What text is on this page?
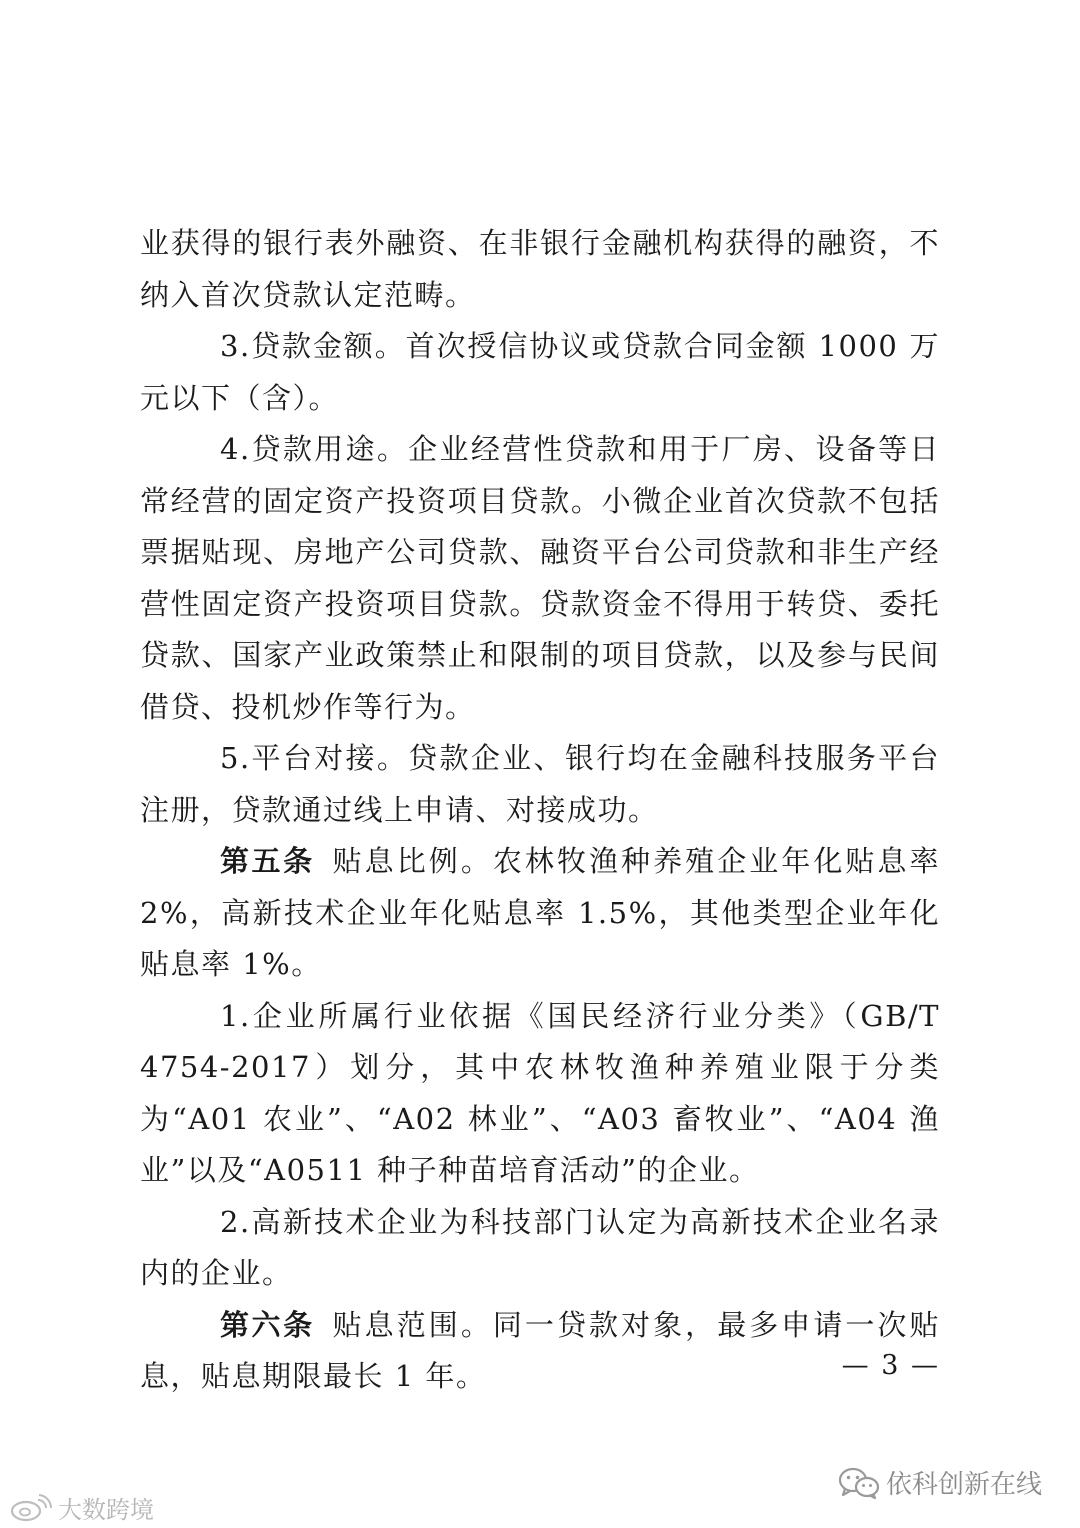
业获得的银行表外融资、在非银行金融机构获得的融资，不纳入首次贷款认定范畴。

3.贷款金额。首次授信协议或贷款合同金额 1000 万元以下（含）。

4.贷款用途。企业经营性贷款和用于厂房、设备等日常经营的固定资产投资项目贷款。小微企业首次贷款不包括票据贴现、房地产公司贷款、融资平台公司贷款和非生产经营性固定资产投资项目贷款。贷款资金不得用于转贷、委托贷款、国家产业政策禁止和限制的项目贷款，以及参与民间借贷、投机炒作等行为。

5.平台对接。贷款企业、银行均在金融科技服务平台注册，贷款通过线上申请、对接成功。

第五条 贴息比例。农林牧渔种养殖企业年化贴息率 2%，高新技术企业年化贴息率 1.5%，其他类型企业年化贴息率 1%。

1.企业所属行业依据《国民经济行业分类》（GB/T 4754-2017）划分，其中农林牧渔种养殖业限于分类为“A01 农业”、“A02 林业”、“A03 畜牧业”、“A04 渔业”以及“A0511 种子种苗培育活动”的企业。

2.高新技术企业为科技部门认定为高新技术企业名录内的企业。

第六条 贴息范围。同一贷款对象，最多申请一次贴息，贴息期限最长 1 年。	— 3 —
依科创新在线
大数跨境
